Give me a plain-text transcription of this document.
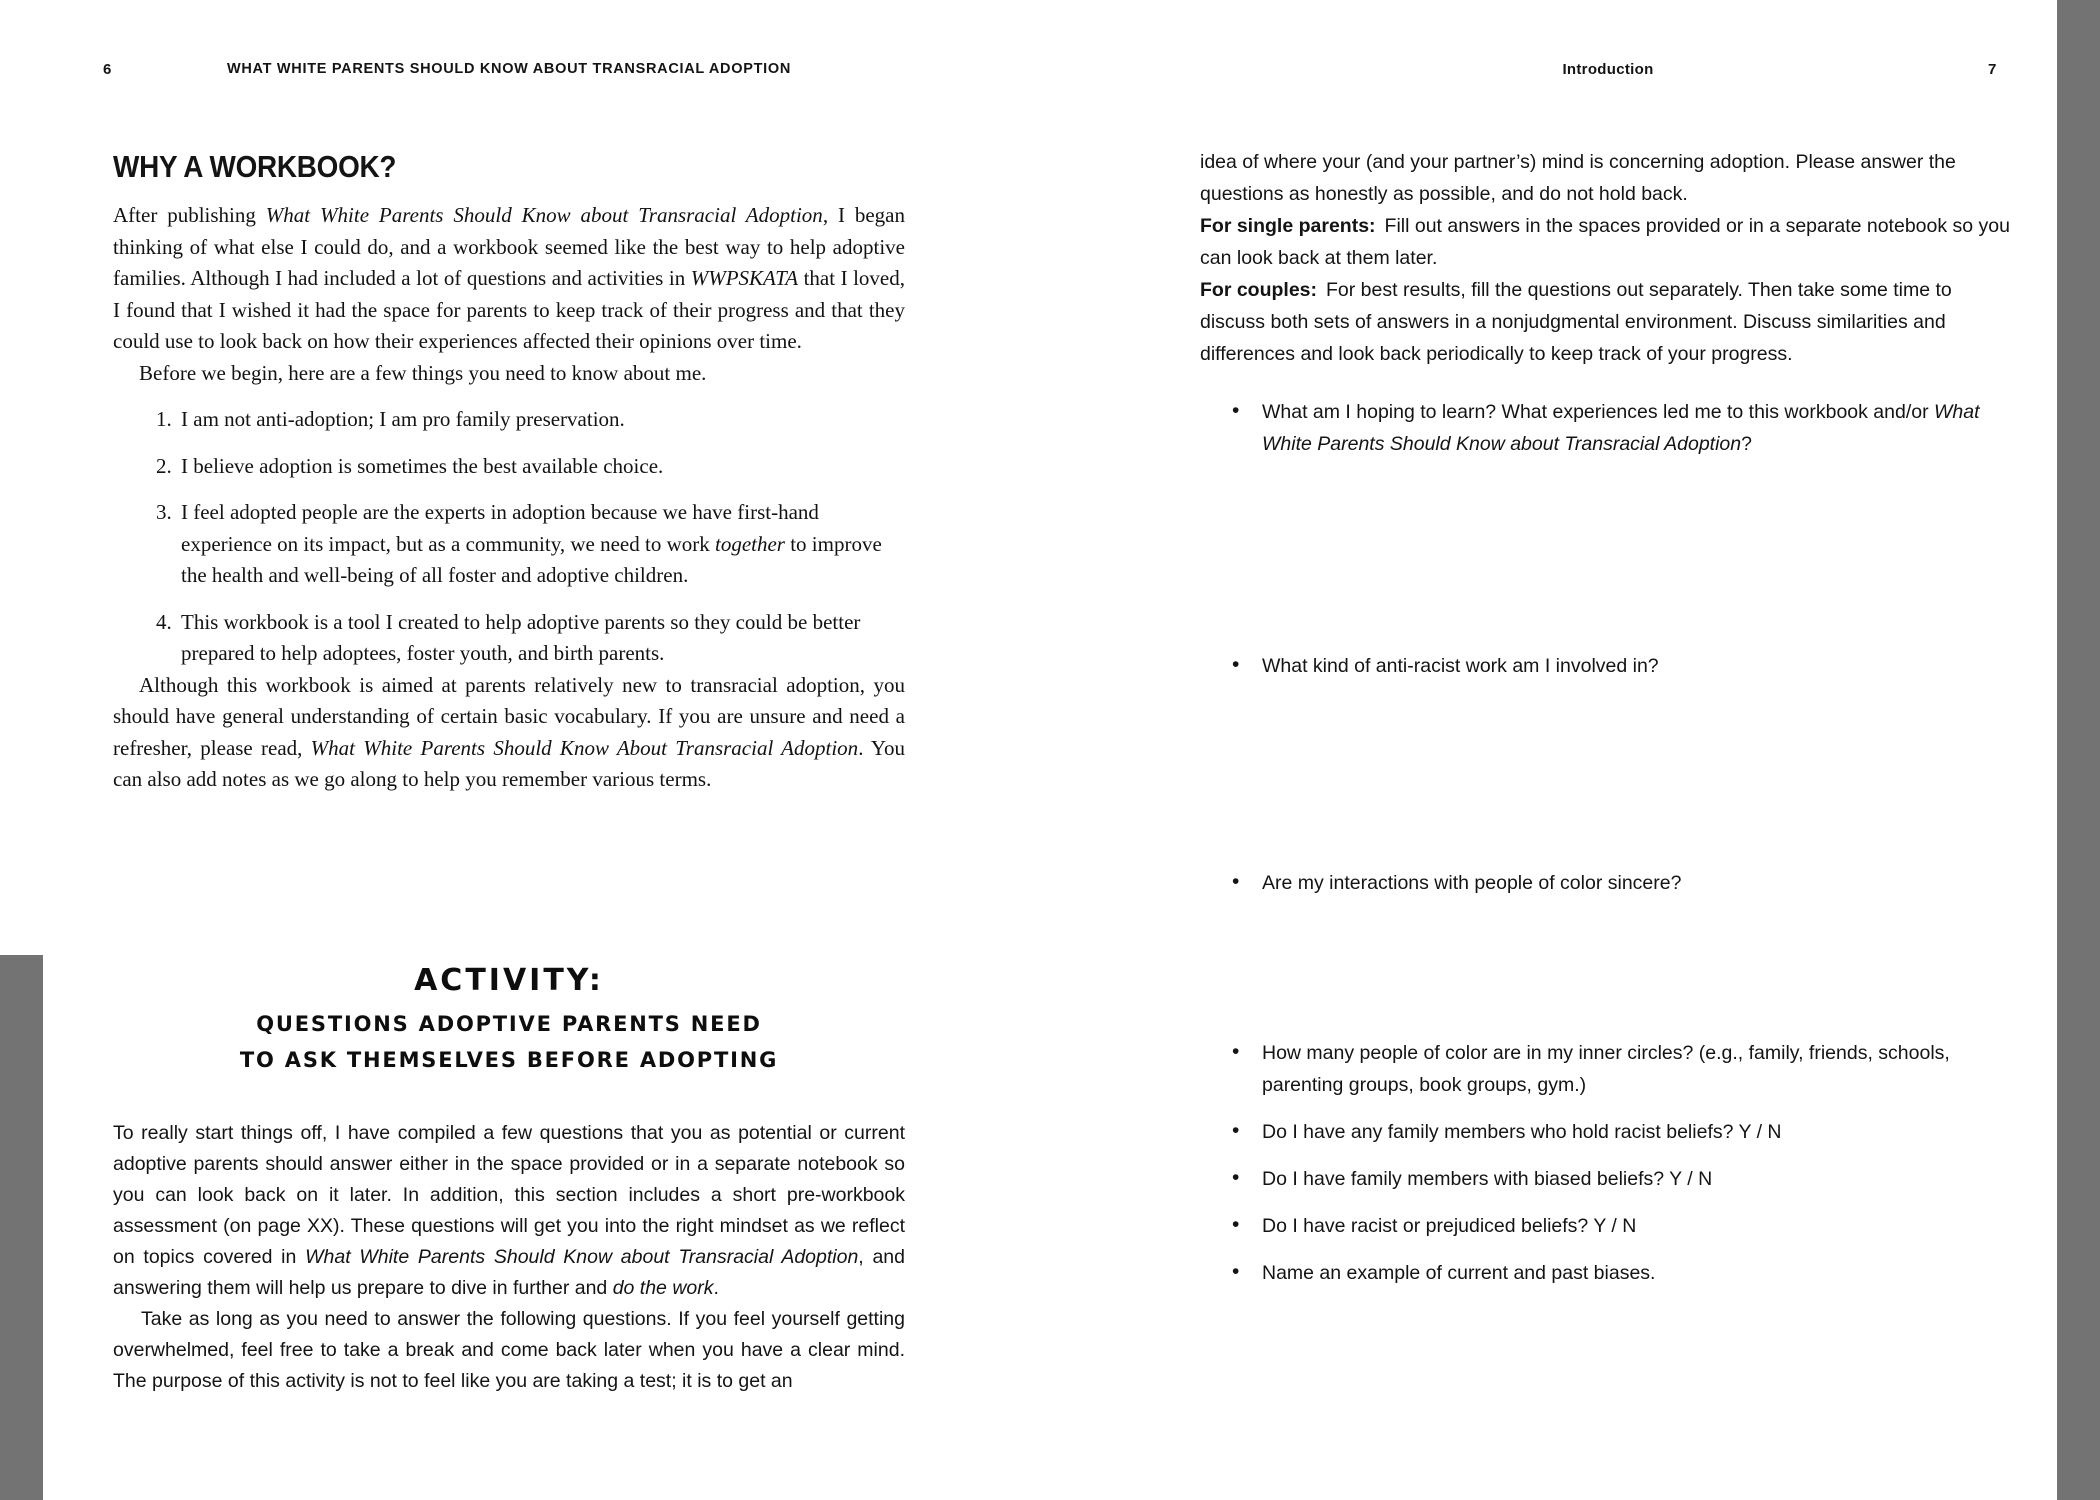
6	WHAT WHITE PARENTS SHOULD KNOW ABOUT TRANSRACIAL ADOPTION
WHY A WORKBOOK?

After publishing What White Parents Should Know about Transracial Adoption, I began thinking of what else I could do, and a workbook seemed like the best way to help adoptive families. Although I had included a lot of questions and activities in WWPSKATA that I loved, I found that I wished it had the space for parents to keep track of their progress and that they could use to look back on how their experiences affected their opinions over time.

Before we begin, here are a few things you need to know about me.

1. I am not anti-adoption; I am pro family preservation.
2. I believe adoption is sometimes the best available choice.
3. I feel adopted people are the experts in adoption because we have first-hand experience on its impact, but as a community, we need to work together to improve the health and well-being of all foster and adoptive children.
4. This workbook is a tool I created to help adoptive parents so they could be better prepared to help adoptees, foster youth, and birth parents.

Although this workbook is aimed at parents relatively new to transracial adoption, you should have general understanding of certain basic vocabulary. If you are unsure and need a refresher, please read, What White Parents Should Know About Transracial Adoption. You can also add notes as we go along to help you remember various terms.

ACTIVITY:
QUESTIONS ADOPTIVE PARENTS NEED
TO ASK THEMSELVES BEFORE ADOPTING

To really start things off, I have compiled a few questions that you as potential or current adoptive parents should answer either in the space provided or in a separate notebook so you can look back on it later. In addition, this section includes a short pre-workbook assessment (on page XX). These questions will get you into the right mindset as we reflect on topics covered in What White Parents Should Know about Transracial Adoption, and answering them will help us prepare to dive in further and do the work.

Take as long as you need to answer the following questions. If you feel yourself getting overwhelmed, feel free to take a break and come back later when you have a clear mind. The purpose of this activity is not to feel like you are taking a test; it is to get an

Introduction	7

idea of where your (and your partner’s) mind is concerning adoption. Please answer the questions as honestly as possible, and do not hold back.

For single parents: Fill out answers in the spaces provided or in a separate notebook so you can look back at them later.

For couples: For best results, fill the questions out separately. Then take some time to discuss both sets of answers in a nonjudgmental environment. Discuss similarities and differences and look back periodically to keep track of your progress.

• What am I hoping to learn? What experiences led me to this workbook and/or What White Parents Should Know about Transracial Adoption?
• What kind of anti-racist work am I involved in?
• Are my interactions with people of color sincere?
• How many people of color are in my inner circles? (e.g., family, friends, schools, parenting groups, book groups, gym.)
• Do I have any family members who hold racist beliefs? Y / N
• Do I have family members with biased beliefs? Y / N
• Do I have racist or prejudiced beliefs? Y / N
• Name an example of current and past biases.
